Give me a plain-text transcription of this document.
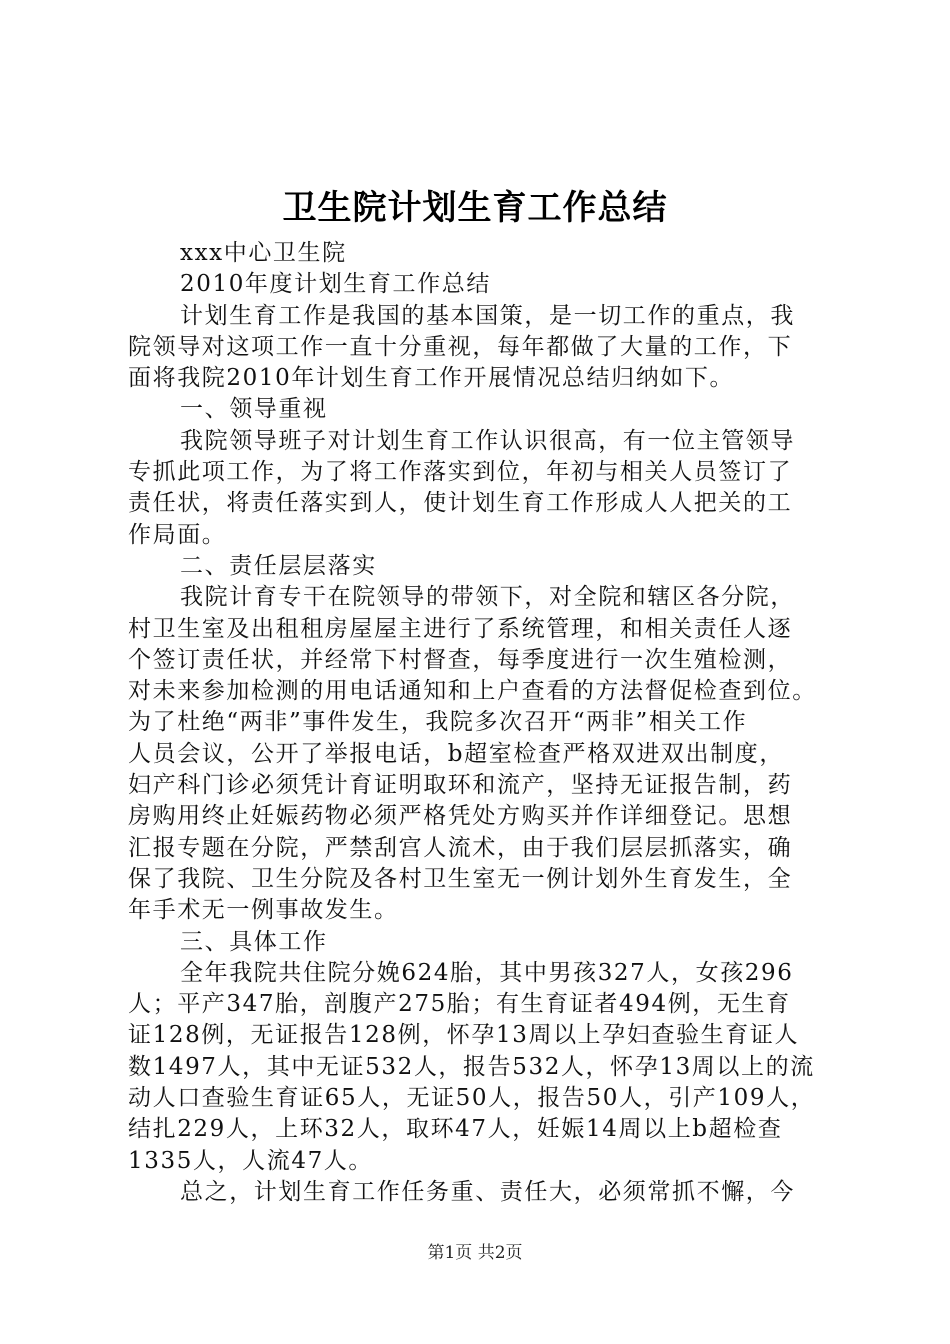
卫生院计划生育工作总结
xxx中心卫生院
2010年度计划生育工作总结
计划生育工作是我国的基本国策，是一切工作的重点，我
院领导对这项工作一直十分重视，每年都做了大量的工作，下
面将我院2010年计划生育工作开展情况总结归纳如下。
一、领导重视
我院领导班子对计划生育工作认识很高，有一位主管领导
专抓此项工作，为了将工作落实到位，年初与相关人员签订了
责任状，将责任落实到人，使计划生育工作形成人人把关的工
作局面。
二、责任层层落实
我院计育专干在院领导的带领下，对全院和辖区各分院，
村卫生室及出租租房屋屋主进行了系统管理，和相关责任人逐
个签订责任状，并经常下村督查，每季度进行一次生殖检测，
对未来参加检测的用电话通知和上户查看的方法督促检查到位。
为了杜绝“两非”事件发生，我院多次召开“两非”相关工作
人员会议，公开了举报电话，b超室检查严格双进双出制度，
妇产科门诊必须凭计育证明取环和流产，坚持无证报告制，药
房购用终止妊娠药物必须严格凭处方购买并作详细登记。思想
汇报专题在分院，严禁刮宫人流术，由于我们层层抓落实，确
保了我院、卫生分院及各村卫生室无一例计划外生育发生，全
年手术无一例事故发生。
三、具体工作
全年我院共住院分娩624胎，其中男孩327人，女孩296
人；平产347胎，剖腹产275胎；有生育证者494例，无生育
证128例，无证报告128例，怀孕13周以上孕妇查验生育证人
数1497人，其中无证532人，报告532人，怀孕13周以上的流
动人口查验生育证65人，无证50人，报告50人，引产109人，
结扎229人，上环32人，取环47人，妊娠14周以上b超检查
1335人，人流47人。
总之，计划生育工作任务重、责任大，必须常抓不懈，今
第1页 共2页
